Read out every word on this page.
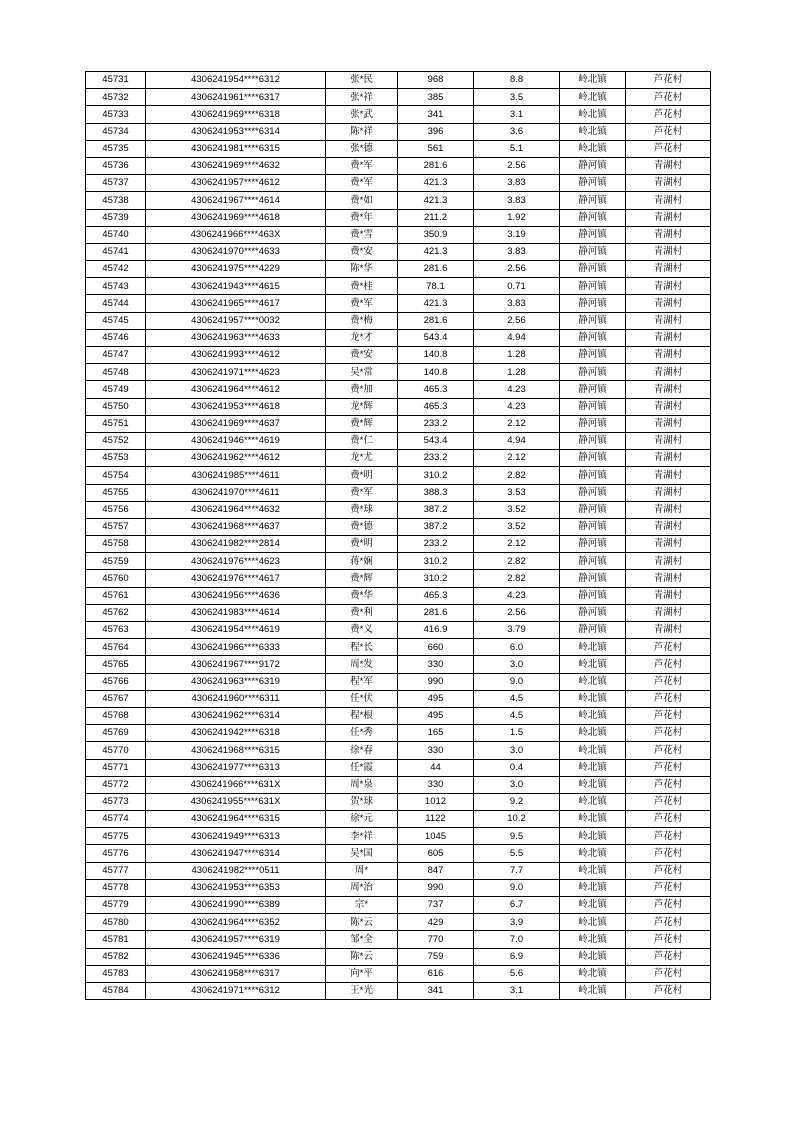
45731	4306241954****6312	张*民	968	8.8	岭北镇	芦花村
45732	4306241961****6317	张*祥	385	3.5	岭北镇	芦花村
45733	4306241969****6318	张*武	341	3.1	岭北镇	芦花村
45734	4306241953****6314	陈*祥	396	3.6	岭北镇	芦花村
45735	4306241981****6315	张*德	561	5.1	岭北镇	芦花村
45736	4306241969****4632	费*军	281.6	2.56	静河镇	青湖村
45737	4306241957****4612	费*军	421.3	3.83	静河镇	青湖村
45738	4306241967****4614	费*如	421.3	3.83	静河镇	青湖村
45739	4306241969****4618	费*年	211.2	1.92	静河镇	青湖村
45740	4306241966****463X	费*雪	350.9	3.19	静河镇	青湖村
45741	4306241970****4633	费*安	421.3	3.83	静河镇	青湖村
45742	4306241975****4229	陈*华	281.6	2.56	静河镇	青湖村
45743	4306241943****4615	费*桂	78.1	0.71	静河镇	青湖村
45744	4306241965****4617	费*军	421.3	3.83	静河镇	青湖村
45745	4306241957****0032	费*梅	281.6	2.56	静河镇	青湖村
45746	4306241963****4633	龙*才	543.4	4.94	静河镇	青湖村
45747	4306241993****4612	费*安	140.8	1.28	静河镇	青湖村
45748	4306241971****4623	吴*常	140.8	1.28	静河镇	青湖村
45749	4306241964****4612	费*加	465.3	4.23	静河镇	青湖村
45750	4306241953****4618	龙*辉	465.3	4.23	静河镇	青湖村
45751	4306241969****4637	费*辉	233.2	2.12	静河镇	青湖村
45752	4306241946****4619	费*仁	543.4	4.94	静河镇	青湖村
45753	4306241962****4612	龙*尤	233.2	2.12	静河镇	青湖村
45754	4306241985****4611	费*明	310.2	2.82	静河镇	青湖村
45755	4306241970****4611	费*军	388.3	3.53	静河镇	青湖村
45756	4306241964****4632	费*球	387.2	3.52	静河镇	青湖村
45757	4306241968****4637	费*德	387.2	3.52	静河镇	青湖村
45758	4306241982****2814	费*明	233.2	2.12	静河镇	青湖村
45759	4306241976****4623	蒋*娴	310.2	2.82	静河镇	青湖村
45760	4306241976****4617	费*辉	310.2	2.82	静河镇	青湖村
45761	4306241956****4636	费*华	465.3	4.23	静河镇	青湖村
45762	4306241983****4614	费*利	281.6	2.56	静河镇	青湖村
45763	4306241954****4619	费*义	416.9	3.79	静河镇	青湖村
45764	4306241966****6333	程*长	660	6.0	岭北镇	芦花村
45765	4306241967****9172	周*发	330	3.0	岭北镇	芦花村
45766	4306241963****6319	程*军	990	9.0	岭北镇	芦花村
45767	4306241960****6311	任*伏	495	4.5	岭北镇	芦花村
45768	4306241962****6314	程*根	495	4.5	岭北镇	芦花村
45769	4306241942****6318	任*秀	165	1.5	岭北镇	芦花村
45770	4306241968****6315	徐*春	330	3.0	岭北镇	芦花村
45771	4306241977****6313	任*霞	44	0.4	岭北镇	芦花村
45772	4306241966****631X	周*泉	330	3.0	岭北镇	芦花村
45773	4306241955****631X	贺*球	1012	9.2	岭北镇	芦花村
45774	4306241964****6315	徐*元	1122	10.2	岭北镇	芦花村
45775	4306241949****6313	李*祥	1045	9.5	岭北镇	芦花村
45776	4306241947****6314	吴*国	605	5.5	岭北镇	芦花村
45777	4306241982****0511	周*	847	7.7	岭北镇	芦花村
45778	4306241953****6353	周*治	990	9.0	岭北镇	芦花村
45779	4306241990****6389	宗*	737	6.7	岭北镇	芦花村
45780	4306241964****6352	陈*云	429	3.9	岭北镇	芦花村
45781	4306241957****6319	邹*全	770	7.0	岭北镇	芦花村
45782	4306241945****6336	陈*云	759	6.9	岭北镇	芦花村
45783	4306241958****6317	向*平	616	5.6	岭北镇	芦花村
45784	4306241971****6312	王*光	341	3.1	岭北镇	芦花村
